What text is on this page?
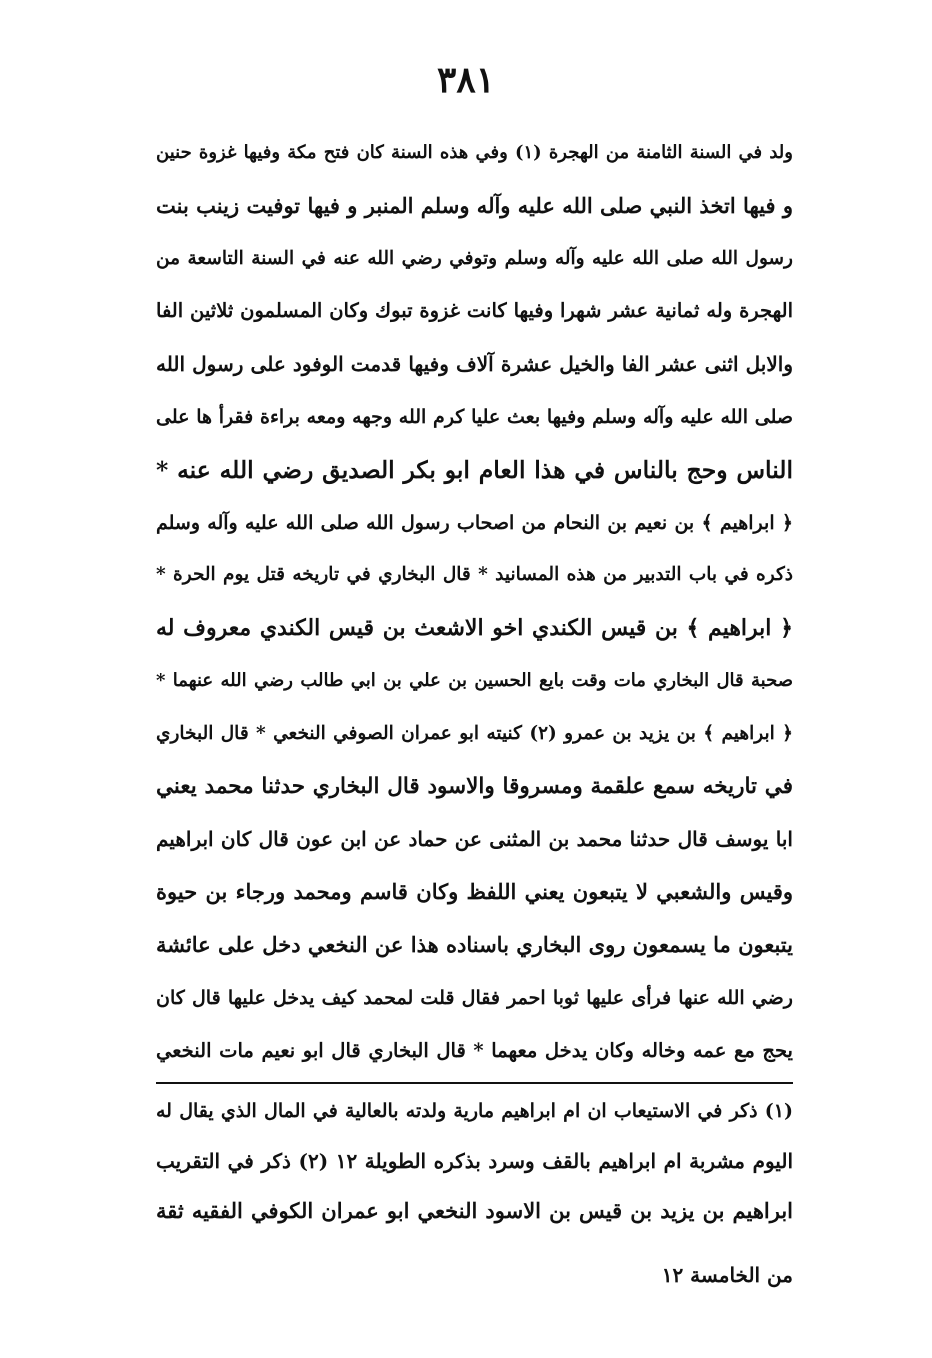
٣٨١
ولد في السنة الثامنة من الهجرة (١) وفي هذه السنة كان فتح مكة وفيها غزوة حنين
و فيها اتخذ النبي صلى الله عليه وآله وسلم المنبر و فيها توفيت زينب بنت
رسول الله صلى الله عليه وآله وسلم وتوفي رضي الله عنه في السنة التاسعة من
الهجرة وله ثمانية عشر شهرا وفيها كانت غزوة تبوك وكان المسلمون ثلاثين الفا
والابل اثنى عشر الفا والخيل عشرة آلاف وفيها قدمت الوفود على رسول الله
صلى الله عليه وآله وسلم وفيها بعث عليا كرم الله وجهه ومعه براءة فقرأ ها على
الناس وحج بالناس في هذا العام ابو بكر الصديق رضي الله عنه *
﴿ ابراهيم ﴾ بن نعيم بن النحام من اصحاب رسول الله صلى الله عليه وآله وسلم
ذكره في باب التدبير من هذه المسانيد * قال البخاري في تاريخه قتل يوم الحرة *
﴿ ابراهيم ﴾ بن قيس الكندي اخو الاشعث بن قيس الكندي معروف له
صحبة قال البخاري مات وقت بايع الحسين بن علي بن ابي طالب رضي الله عنهما *
﴿ ابراهيم ﴾ بن يزيد بن عمرو (٢) كنيته ابو عمران الصوفي النخعي * قال البخاري
في تاريخه سمع علقمة ومسروقا والاسود قال البخاري حدثنا محمد يعني
ابا يوسف قال حدثنا محمد بن المثنى عن حماد عن ابن عون قال كان ابراهيم
وقيس والشعبي لا يتبعون يعني اللفظ وكان قاسم ومحمد ورجاء بن حيوة
يتبعون ما يسمعون روى البخاري باسناده هذا عن النخعي دخل على عائشة
رضي الله عنها فرأى عليها ثوبا احمر فقال قلت لمحمد كيف يدخل عليها قال كان
يحج مع عمه وخاله وكان يدخل معهما * قال البخاري قال ابو نعيم مات النخعي
(١) ذكر في الاستيعاب ان ام ابراهيم مارية ولدته بالعالية في المال الذي يقال له
اليوم مشربة ام ابراهيم بالقف وسرد بذكره الطويلة ١٢ (٢) ذكر في التقريب
ابراهيم بن يزيد بن قيس بن الاسود النخعي ابو عمران الكوفي الفقيه ثقة
من الخامسة ١٢
